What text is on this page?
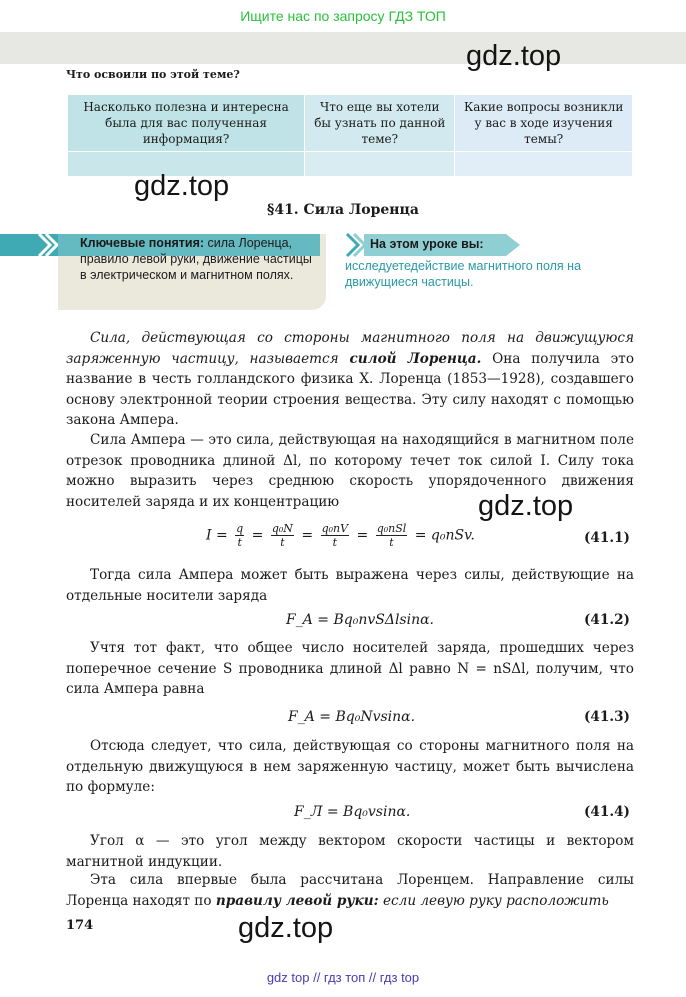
Ищите нас по запросу ГДЗ ТОП
gdz.top
Что освоили по этой теме?
Насколько полезна и интересна была для вас полученная информация?	Что еще вы хотели бы узнать по данной теме?	Какие вопросы возникли у вас в ходе изучения темы?

gdz.top
§41. Сила Лоренца
Ключевые понятия: сила Лоренца, правило левой руки, движение частицы в электрическом и магнитном полях.
На этом уроке вы:
исследуетедействие магнитного поля на движущиеся частицы.
Сила, действующая со стороны магнитного поля на движущуюся заряженную частицу, называется силой Лоренца. Она получила это название в честь голландского физика Х. Лоренца (1853—1928), создавшего основу электронной теории строения вещества. Эту силу находят с помощью закона Ампера.
Сила Ампера — это сила, действующая на находящийся в магнитном поле отрезок проводника длиной Δl, по которому течет ток силой I. Силу тока можно выразить через среднюю скорость упорядоченного движения носителей заряда и их концентрацию	gdz.top
$I = \frac{q}{t} = \frac{\text{q₀N}}{t} = \frac{\text{q₀nV}}{t} = \frac{\text{q₀nSl}}{t} = q_0nSv$.	(41.1)
Тогда сила Ампера может быть выражена через силы, действующие на отдельные носители заряда
F_A = Bq₀nvSΔlsinα.	(41.2)
Учтя тот факт, что общее число носителей заряда, прошедших через поперечное сечение S проводника длиной Δl равно N = nSΔl, получим, что сила Ампера равна
F_A = Bq₀Nvsinα.	(41.3)
Отсюда следует, что сила, действующая со стороны магнитного поля на отдельную движущуюся в нем заряженную частицу, может быть вычислена по формуле:
F_Л = Bq₀vsinα.	(41.4)
Угол α — это угол между вектором скорости частицы и вектором магнитной индукции.
Эта сила впервые была рассчитана Лоренцем. Направление силы Лоренца находят по правилу левой руки: если левую руку расположить
174	gdz.top
gdz top // гдз топ // гдз top
